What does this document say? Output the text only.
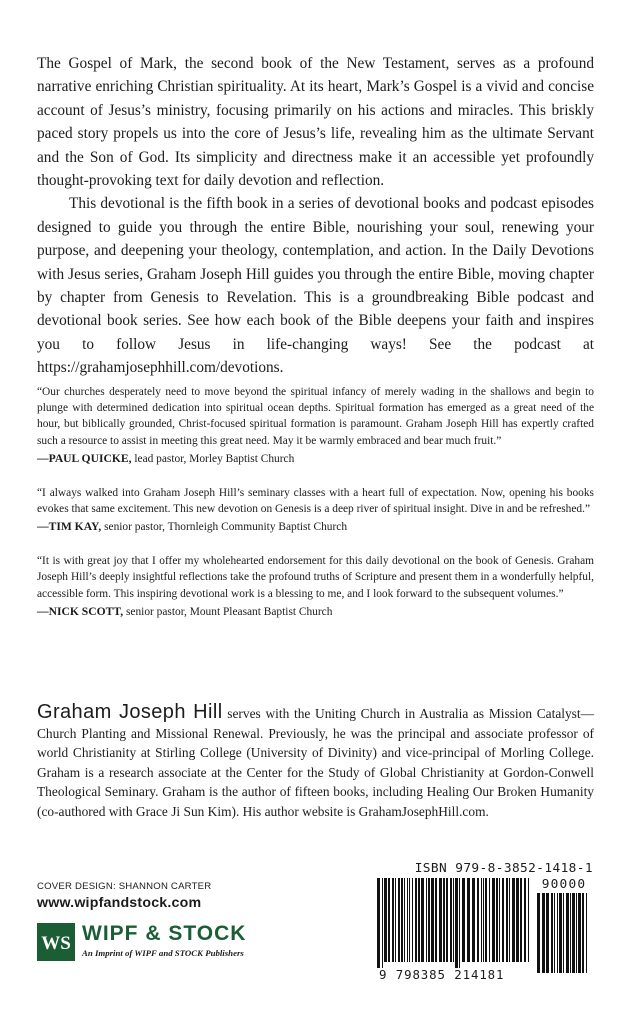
The Gospel of Mark, the second book of the New Testament, serves as a profound narrative enriching Christian spirituality. At its heart, Mark’s Gospel is a vivid and concise account of Jesus’s ministry, focusing primarily on his actions and miracles. This briskly paced story propels us into the core of Jesus’s life, revealing him as the ultimate Servant and the Son of God. Its simplicity and directness make it an accessible yet profoundly thought-provoking text for daily devotion and reflection.

This devotional is the fifth book in a series of devotional books and podcast episodes designed to guide you through the entire Bible, nourishing your soul, renewing your purpose, and deepening your theology, contemplation, and action. In the Daily Devotions with Jesus series, Graham Joseph Hill guides you through the entire Bible, moving chapter by chapter from Genesis to Revelation. This is a groundbreaking Bible podcast and devotional book series. See how each book of the Bible deepens your faith and inspires you to follow Jesus in life-changing ways! See the podcast at https://grahamjosephhill.com/devotions.

“Our churches desperately need to move beyond the spiritual infancy of merely wading in the shallows and begin to plunge with determined dedication into spiritual ocean depths. Spiritual formation has emerged as a great need of the hour, but biblically grounded, Christ-focused spiritual formation is paramount. Graham Joseph Hill has expertly crafted such a resource to assist in meeting this great need. May it be warmly embraced and bear much fruit.”

—PAUL QUICKE, lead pastor, Morley Baptist Church

“I always walked into Graham Joseph Hill’s seminary classes with a heart full of expectation. Now, opening his books evokes that same excitement. This new devotion on Genesis is a deep river of spiritual insight. Dive in and be refreshed.”

—TIM KAY, senior pastor, Thornleigh Community Baptist Church

“It is with great joy that I offer my wholehearted endorsement for this daily devotional on the book of Genesis. Graham Joseph Hill’s deeply insightful reflections take the profound truths of Scripture and present them in a wonderfully helpful, accessible form. This inspiring devotional work is a blessing to me, and I look forward to the subsequent volumes.”

—NICK SCOTT, senior pastor, Mount Pleasant Baptist Church

Graham Joseph Hill serves with the Uniting Church in Australia as Mission Catalyst—Church Planting and Missional Renewal. Previously, he was the principal and associate professor of world Christianity at Stirling College (University of Divinity) and vice-principal of Morling College. Graham is a research associate at the Center for the Study of Global Christianity at Gordon-Conwell Theological Seminary. Graham is the author of fifteen books, including Healing Our Broken Humanity (co-authored with Grace Ji Sun Kim). His author website is GrahamJosephHill.com.

COVER DESIGN: SHANNON CARTER

www.wipfandstock.com

WS WIPF & STOCK

An Imprint of WIPF and STOCK Publishers

ISBN 979-8-3852-1418-1

90000

9 798385 214181
